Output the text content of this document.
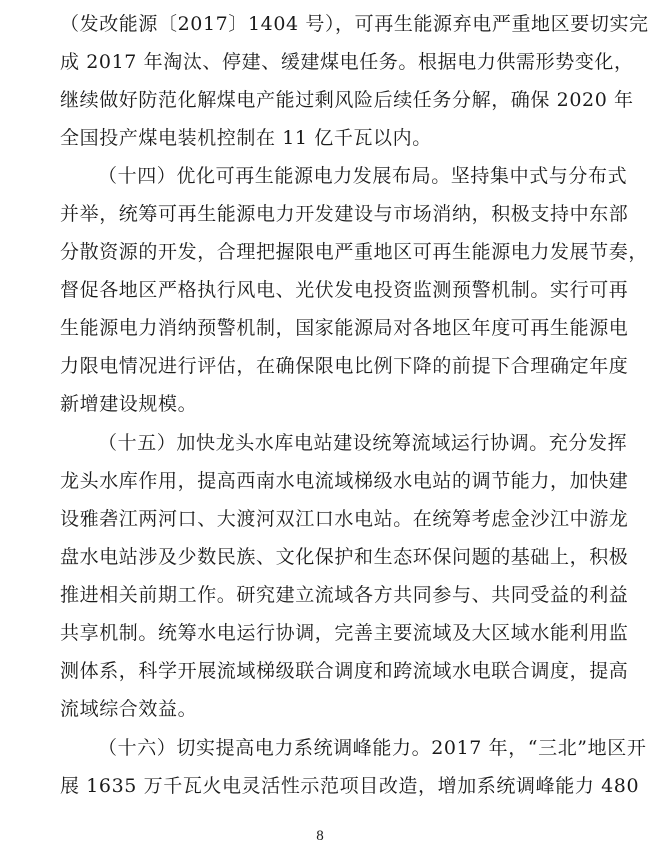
（发改能源〔2017〕1404 号），可再生能源弃电严重地区要切实完
成 2017 年淘汰、停建、缓建煤电任务。根据电力供需形势变化，
继续做好防范化解煤电产能过剩风险后续任务分解，确保 2020 年
全国投产煤电装机控制在 11 亿千瓦以内。
（十四）优化可再生能源电力发展布局。坚持集中式与分布式
并举，统筹可再生能源电力开发建设与市场消纳，积极支持中东部
分散资源的开发，合理把握限电严重地区可再生能源电力发展节奏，
督促各地区严格执行风电、光伏发电投资监测预警机制。实行可再
生能源电力消纳预警机制，国家能源局对各地区年度可再生能源电
力限电情况进行评估，在确保限电比例下降的前提下合理确定年度
新增建设规模。
（十五）加快龙头水库电站建设统筹流域运行协调。充分发挥
龙头水库作用，提高西南水电流域梯级水电站的调节能力，加快建
设雅砻江两河口、大渡河双江口水电站。在统筹考虑金沙江中游龙
盘水电站涉及少数民族、文化保护和生态环保问题的基础上，积极
推进相关前期工作。研究建立流域各方共同参与、共同受益的利益
共享机制。统筹水电运行协调，完善主要流域及大区域水能利用监
测体系，科学开展流域梯级联合调度和跨流域水电联合调度，提高
流域综合效益。
（十六）切实提高电力系统调峰能力。2017 年，“三北”地区开
展 1635 万千瓦火电灵活性示范项目改造，增加系统调峰能力 480
8
